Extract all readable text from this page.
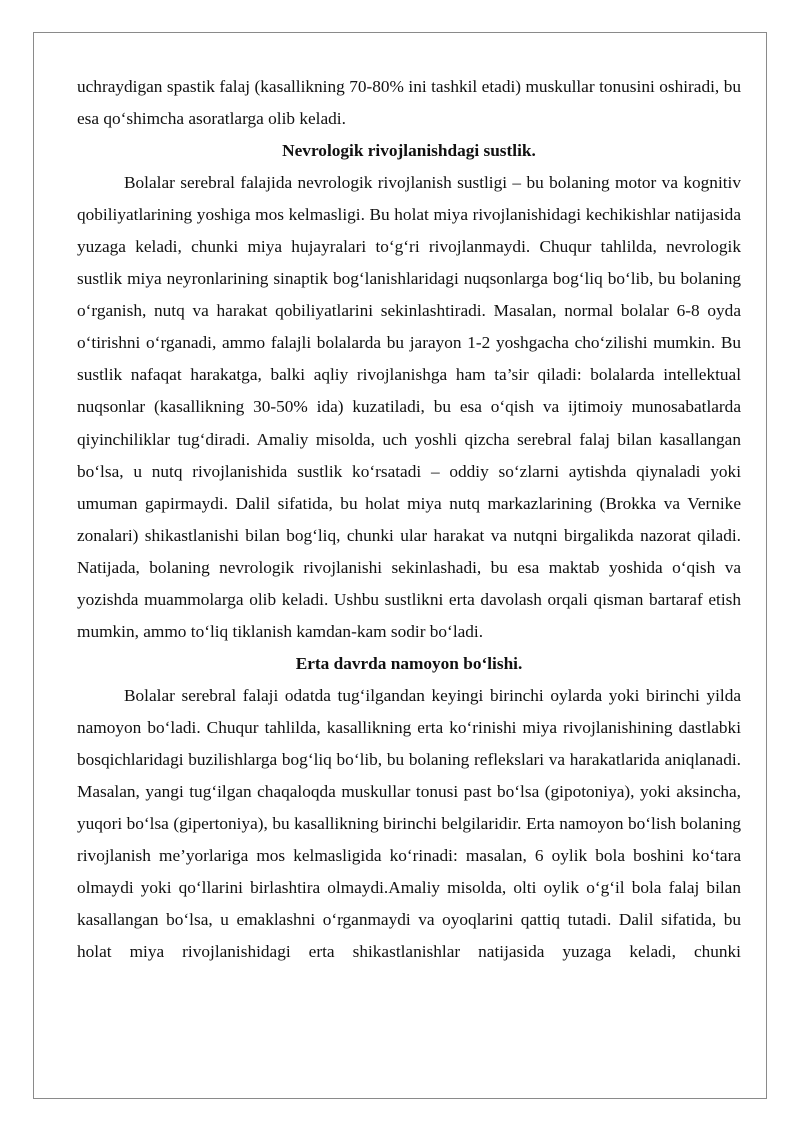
uchraydigan spastik falaj (kasallikning 70-80% ini tashkil etadi) muskullar tonusini oshiradi, bu esa qo‘shimcha asoratlarga olib keladi.

Nevrologik rivojlanishdagi sustlik.

Bolalar serebral falajida nevrologik rivojlanish sustligi – bu bolaning motor va kognitiv qobiliyatlarining yoshiga mos kelmasligi. Bu holat miya rivojlanishidagi kechikishlar natijasida yuzaga keladi, chunki miya hujayralari to‘g‘ri rivojlanmaydi. Chuqur tahlilda, nevrologik sustlik miya neyronlarining sinaptik bog‘lanishlaridagi nuqsonlarga bog‘liq bo‘lib, bu bolaning o‘rganish, nutq va harakat qobiliyatlarini sekinlashtiradi. Masalan, normal bolalar 6-8 oyda o‘tirishni o‘rganadi, ammo falajli bolalarda bu jarayon 1-2 yoshgacha cho‘zilishi mumkin. Bu sustlik nafaqat harakatga, balki aqliy rivojlanishga ham ta’sir qiladi: bolalarda intellektual nuqsonlar (kasallikning 30-50% ida) kuzatiladi, bu esa o‘qish va ijtimoiy munosabatlarda qiyinchiliklar tug‘diradi. Amaliy misolda, uch yoshli qizcha serebral falaj bilan kasallangan bo‘lsa, u nutq rivojlanishida sustlik ko‘rsatadi – oddiy so‘zlarni aytishda qiynaladi yoki umuman gapirmaydi. Dalil sifatida, bu holat miya nutq markazlarining (Brokka va Vernike zonalari) shikastlanishi bilan bog‘liq, chunki ular harakat va nutqni birgalikda nazorat qiladi. Natijada, bolaning nevrologik rivojlanishi sekinlashadi, bu esa maktab yoshida o‘qish va yozishda muammolarga olib keladi. Ushbu sustlikni erta davolash orqali qisman bartaraf etish mumkin, ammo to‘liq tiklanish kamdan-kam sodir bo‘ladi.

Erta davrda namoyon bo‘lishi.

Bolalar serebral falaji odatda tug‘ilgandan keyingi birinchi oylarda yoki birinchi yilda namoyon bo‘ladi. Chuqur tahlilda, kasallikning erta ko‘rinishi miya rivojlanishining dastlabki bosqichlaridagi buzilishlarga bog‘liq bo‘lib, bu bolaning reflekslari va harakatlarida aniqlanadi. Masalan, yangi tug‘ilgan chaqaloqda muskullar tonusi past bo‘lsa (gipotoniya), yoki aksincha, yuqori bo‘lsa (gipertoniya), bu kasallikning birinchi belgilaridir. Erta namoyon bo‘lish bolaning rivojlanish me’yorlariga mos kelmasligida ko‘rinadi: masalan, 6 oylik bola boshini ko‘tara olmaydi yoki qo‘llarini birlashtira olmaydi.Amaliy misolda, olti oylik o‘g‘il bola falaj bilan kasallangan bo‘lsa, u emaklashni o‘rganmaydi va oyoqlarini qattiq tutadi. Dalil sifatida, bu holat miya rivojlanishidagi erta shikastlanishlar natijasida yuzaga keladi, chunki
